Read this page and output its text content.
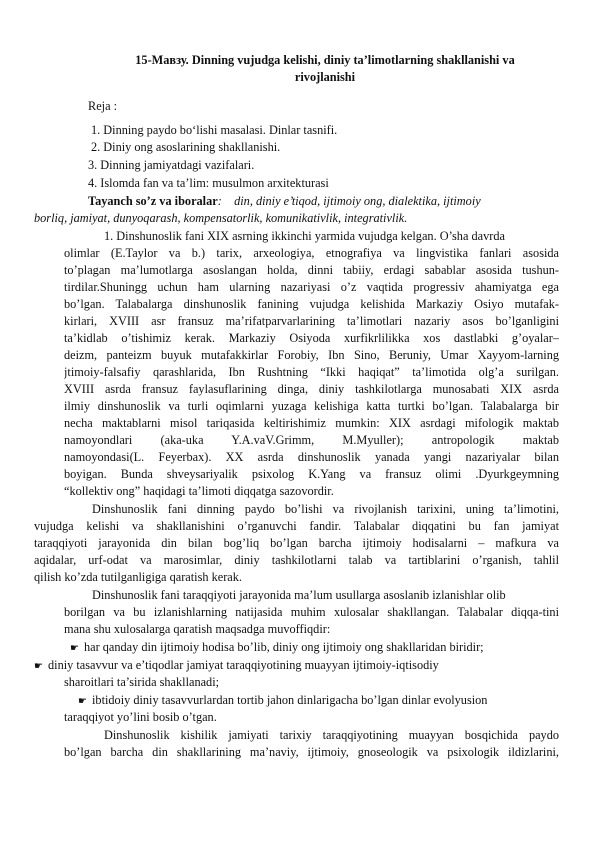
15-Мавзу. Dinning vujudga kelishi, diniy ta’limotlarning shakllanishi va
rivojlanishi
Reja :
1. Dinning paydo bo‘lishi masalasi. Dinlar tasnifi.
2. Diniy ong asoslarining shakllanishi.
3. Dinning jamiyatdagi vazifalari.
4. Islomda fan va ta’lim: musulmon arxitekturasi
Tayanch so’z va iboralar: din, diniy e’tiqod, ijtimoiy ong, dialektika, ijtimoiy
borliq, jamiyat, dunyoqarash, kompensatorlik, komunikativlik, integrativlik.
1. Dinshunoslik fani XIX asrning ikkinchi yarmida vujudga kelgan. O’sha davrda
olimlar (E.Taylor va b.) tarix, arxeologiya, etnografiya va lingvistika fanlari asosida
to’plagan ma’lumotlarga asoslangan holda, dinni tabiiy, erdagi sabablar asosida tushun-
tirdilar.Shuningg uchun ham ularning nazariyasi o’z vaqtida progressiv ahamiyatga ega
bo’lgan. Talabalarga dinshunoslik fanining vujudga kelishida Markaziy Osiyo mutafak-
kirlari, XVIII asr fransuz ma’rifatparvarlarining ta’limotlari nazariy asos bo’lganligini
ta’kidlab o’tishimiz kerak. Markaziy Osiyoda xurfikrlilikka xos dastlabki g’oyalar–
deizm, panteizm buyuk mutafakkirlar Forobiy, Ibn Sino, Beruniy, Umar Xayyom-larning
jtimoiy-falsafiy qarashlarida, Ibn Rushtning “Ikki haqiqat” ta’limotida olg’a surilgan.
XVIII asrda fransuz faylasuflarining dinga, diniy tashkilotlarga munosabati XIX asrda
ilmiy dinshunoslik va turli oqimlarni yuzaga kelishiga katta turtki bo’lgan. Talabalarga bir
necha maktablarni misol tariqasida keltirishimiz mumkin: XIX asrdagi mifologik maktab
namoyondlari (aka-uka Y.A.vaV.Grimm, M.Myuller); antropologik maktab
namoyondasi(L. Feyerbax). XX asrda dinshunoslik yanada yangi nazariyalar bilan
boyigan. Bunda shveysariyalik psixolog K.Yang va fransuz olimi .Dyurkgeymning
“kollektiv ong” haqidagi ta’limoti diqqatga sazovordir.
Dinshunoslik fani dinning paydo bo’lishi va rivojlanish tarixini, uning ta’limotini,
vujudga kelishi va shakllanishini o’rganuvchi fandir. Talabalar diqqatini bu fan jamiyat
taraqqiyoti jarayonida din bilan bog’liq bo’lgan barcha ijtimoiy hodisalarni – mafkura va
aqidalar, urf-odat va marosimlar, diniy tashkilotlarni talab va tartiblarini o’rganish, tahlil
qilish ko’zda tutilganligiga qaratish kerak.
Dinshunoslik fani taraqqiyoti jarayonida ma’lum usullarga asoslanib izlanishlar olib
borilgan va bu izlanishlarning natijasida muhim xulosalar shakllangan. Talabalar diqqa-tini
mana shu xulosalarga qaratish maqsadga muvoffiqdir:
☛ har qanday din ijtimoiy hodisa bo’lib, diniy ong ijtimoiy ong shakllaridan biridir;
☛ diniy tasavvur va e’tiqodlar jamiyat taraqqiyotining muayyan ijtimoiy-iqtisodiy
sharoitlari ta’sirida shakllanadi;
☛ ibtidoiy diniy tasavvurlardan tortib jahon dinlarigacha bo’lgan dinlar evolyusion
taraqqiyot yo’lini bosib o’tgan.
Dinshunoslik kishilik jamiyati tarixiy taraqqiyotining muayyan bosqichida paydo
bo’lgan barcha din shakllarining ma’naviy, ijtimoiy, gnoseologik va psixologik ildizlarini,
